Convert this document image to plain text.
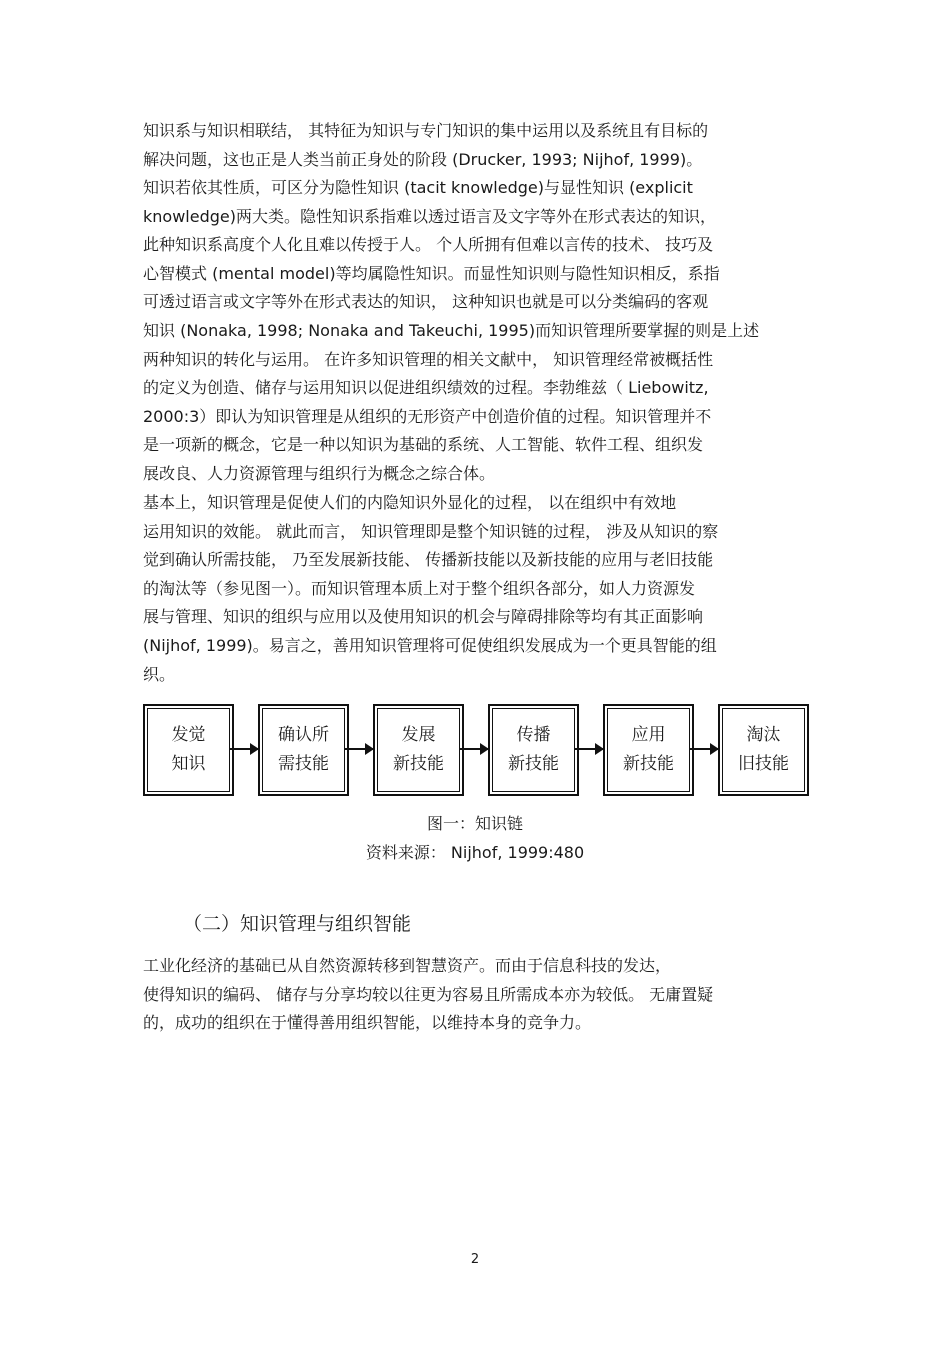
知识系与知识相联结， 其特征为知识与专门知识的集中运用以及系统且有目标的
解决问题，这也正是人类当前正身处的阶段 (Drucker, 1993; Nijhof, 1999)。
知识若依其性质，可区分为隐性知识 (tacit knowledge)与显性知识 (explicit
knowledge)两大类。隐性知识系指难以透过语言及文字等外在形式表达的知识，
此种知识系高度个人化且难以传授于人。 个人所拥有但难以言传的技术、 技巧及
心智模式 (mental model)等均属隐性知识。而显性知识则与隐性知识相反，系指
可透过语言或文字等外在形式表达的知识， 这种知识也就是可以分类编码的客观
知识 (Nonaka, 1998; Nonaka and Takeuchi, 1995)而知识管理所要掌握的则是上述
两种知识的转化与运用。 在许多知识管理的相关文献中， 知识管理经常被概括性
的定义为创造、储存与运用知识以促进组织绩效的过程。李勃维兹（ Liebowitz,
2000:3）即认为知识管理是从组织的无形资产中创造价值的过程。知识管理并不
是一项新的概念，它是一种以知识为基础的系统、人工智能、软件工程、组织发
展改良、人力资源管理与组织行为概念之综合体。
基本上，知识管理是促使人们的内隐知识外显化的过程， 以在组织中有效地
运用知识的效能。 就此而言， 知识管理即是整个知识链的过程， 涉及从知识的察
觉到确认所需技能， 乃至发展新技能、 传播新技能以及新技能的应用与老旧技能
的淘汰等（参见图一）。而知识管理本质上对于整个组织各部分，如人力资源发
展与管理、知识的组织与应用以及使用知识的机会与障碍排除等均有其正面影响
(Nijhof, 1999)。易言之，善用知识管理将可促使组织发展成为一个更具智能的组
织。
发觉
知识
确认所
需技能
发展
新技能
传播
新技能
应用
新技能
淘汰
旧技能
图一：知识链
资料来源： Nijhof, 1999:480
（二）知识管理与组织智能
工业化经济的基础已从自然资源转移到智慧资产。而由于信息科技的发达，
使得知识的编码、 储存与分享均较以往更为容易且所需成本亦为较低。 无庸置疑
的，成功的组织在于懂得善用组织智能，以维持本身的竞争力。
2
